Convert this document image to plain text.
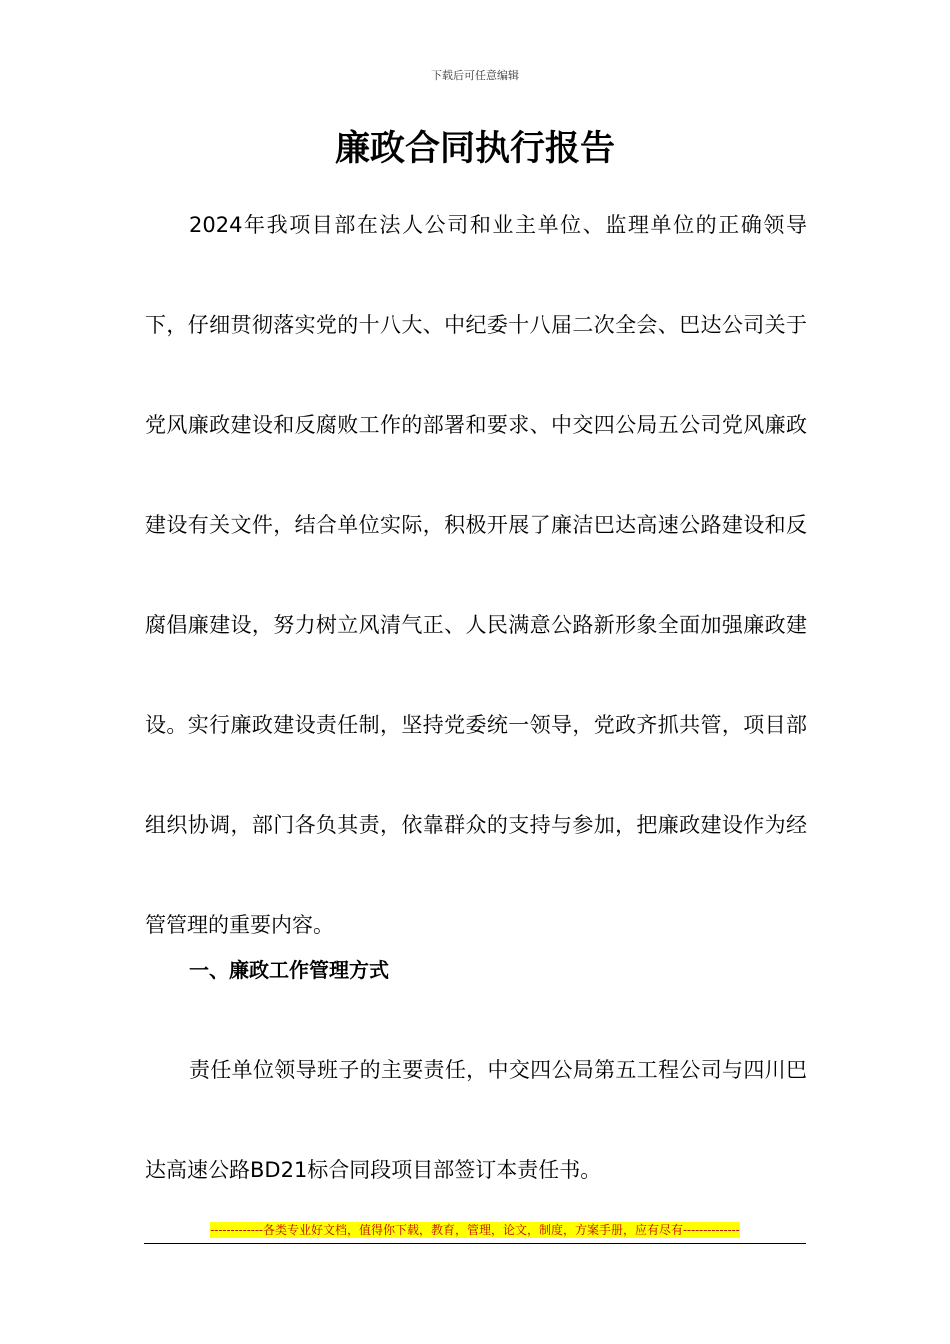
下载后可任意编辑
廉政合同执行报告

2024年我项目部在法人公司和业主单位、监理单位的正确领导下，仔细贯彻落实党的十八大、中纪委十八届二次全会、巴达公司关于党风廉政建设和反腐败工作的部署和要求、中交四公局五公司党风廉政建设有关文件，结合单位实际，积极开展了廉洁巴达高速公路建设和反腐倡廉建设，努力树立风清气正、人民满意公路新形象全面加强廉政建设。实行廉政建设责任制，坚持党委统一领导，党政齐抓共管，项目部组织协调，部门各负其责，依靠群众的支持与参加，把廉政建设作为经管管理的重要内容。

一、廉政工作管理方式

责任单位领导班子的主要责任，中交四公局第五工程公司与四川巴达高速公路BD21标合同段项目部签订本责任书。

-------------各类专业好文档，值得你下载，教育，管理，论文，制度，方案手册，应有尽有--------------
